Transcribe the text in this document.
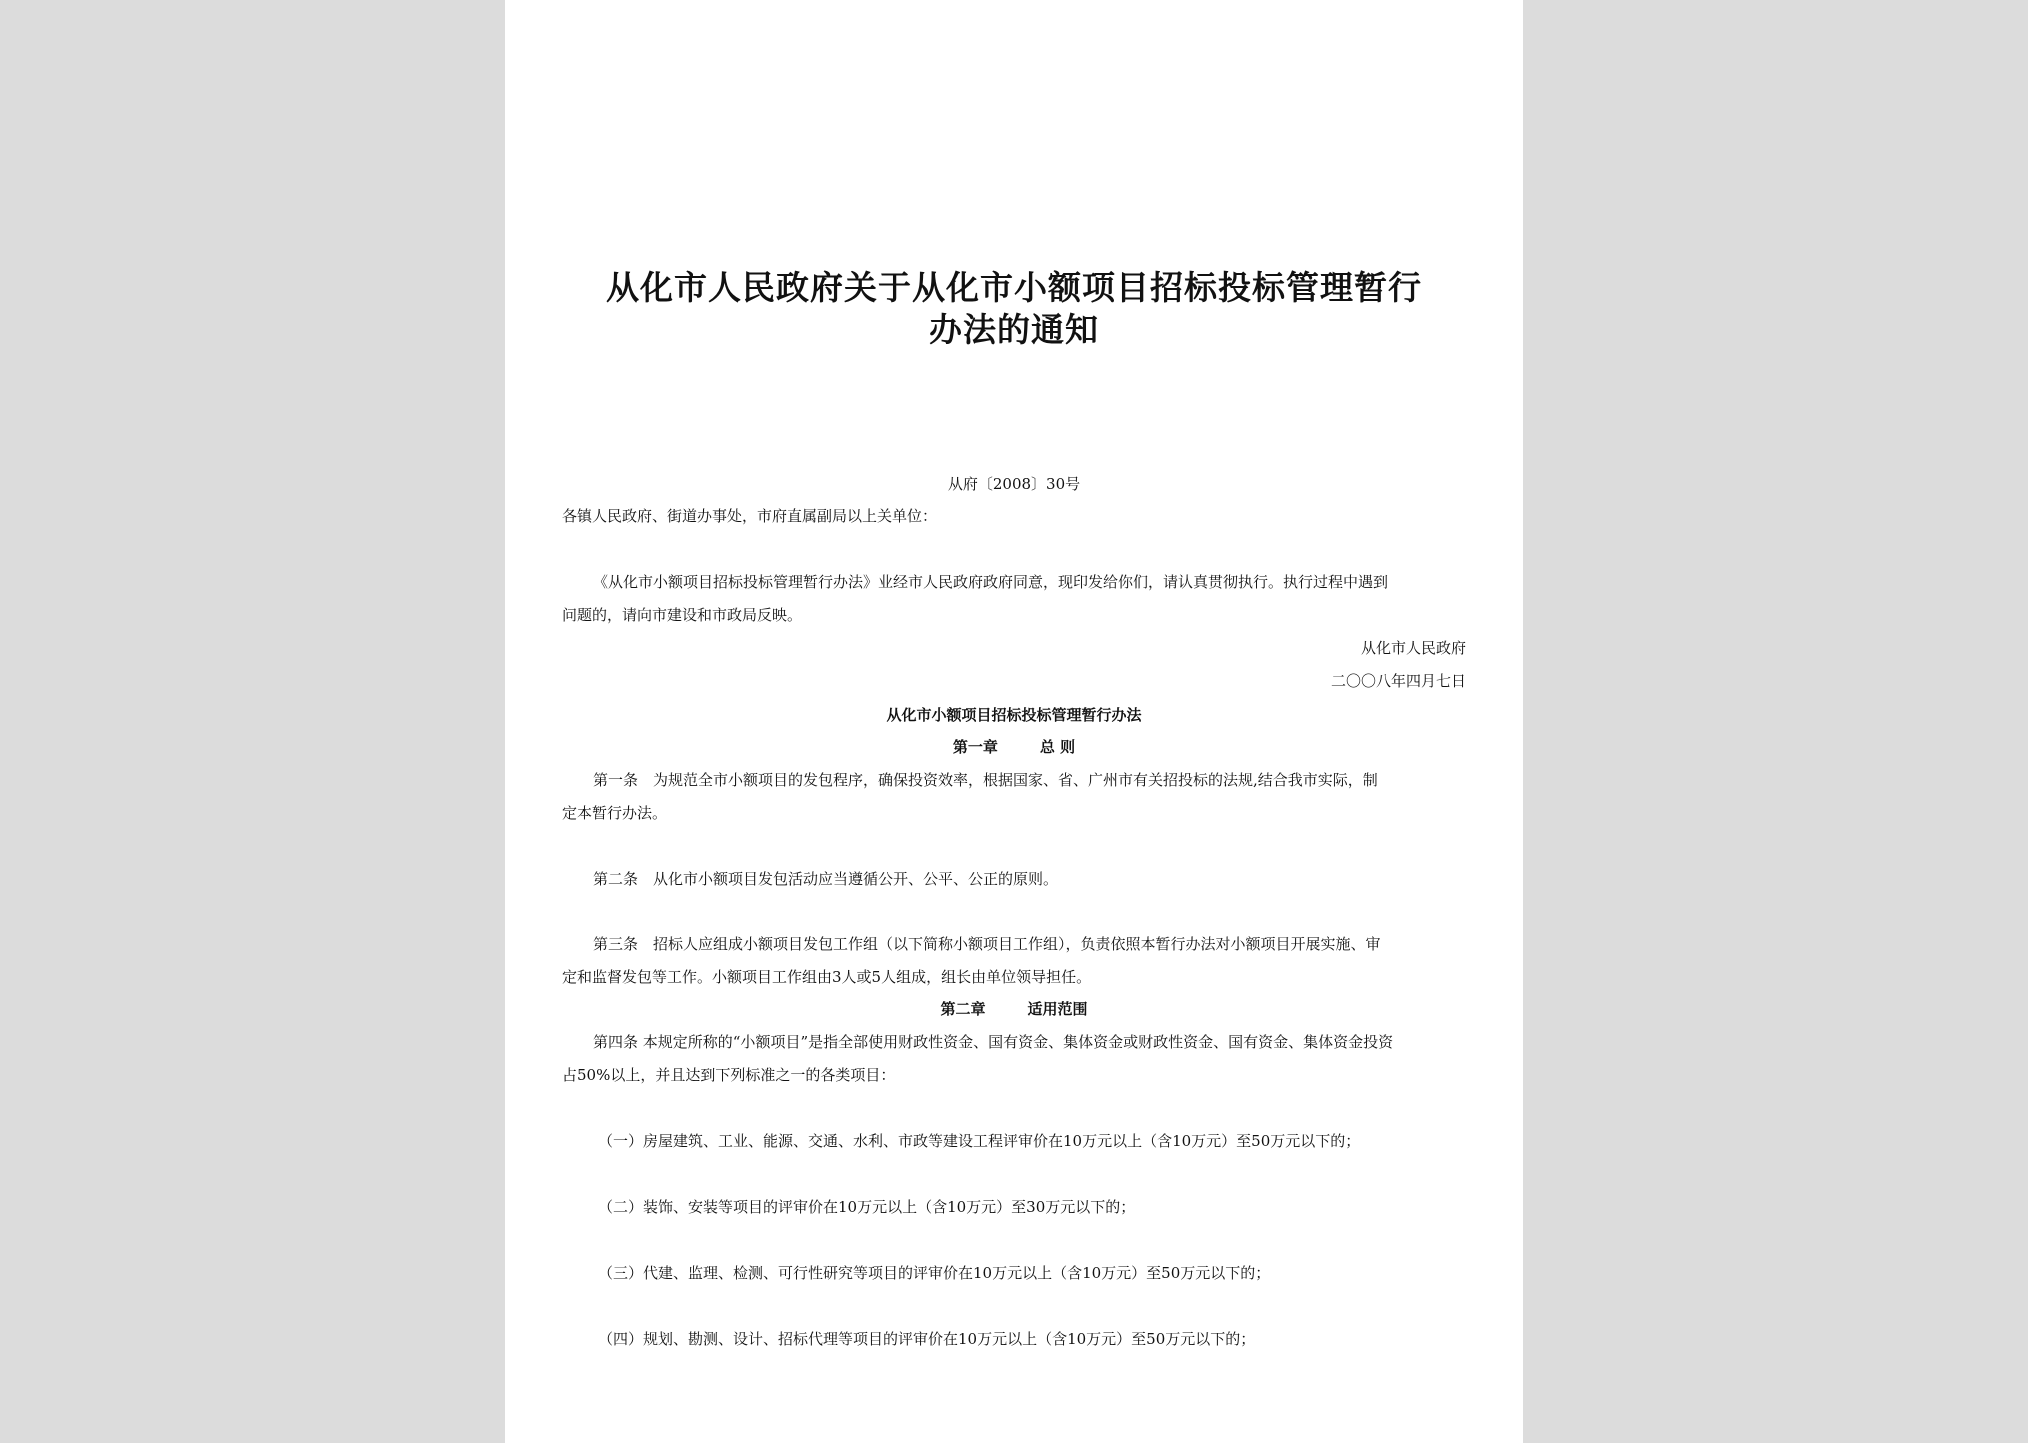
从化市人民政府关于从化市小额项目招标投标管理暂行
办法的通知
从府〔2008〕30号
各镇人民政府、街道办事处，市府直属副局以上关单位：
《从化市小额项目招标投标管理暂行办法》业经市人民政府政府同意，现印发给你们，请认真贯彻执行。执行过程中遇到
问题的，请向市建设和市政局反映。
从化市人民政府
二〇〇八年四月七日
从化市小额项目招标投标管理暂行办法
第一章	总 则
第一条　为规范全市小额项目的发包程序，确保投资效率，根据国家、省、广州市有关招投标的法规,结合我市实际，制
定本暂行办法。
第二条　从化市小额项目发包活动应当遵循公开、公平、公正的原则。
第三条　招标人应组成小额项目发包工作组（以下简称小额项目工作组），负责依照本暂行办法对小额项目开展实施、审
定和监督发包等工作。小额项目工作组由3人或5人组成，组长由单位领导担任。
第二章	适用范围
第四条 本规定所称的“小额项目”是指全部使用财政性资金、国有资金、集体资金或财政性资金、国有资金、集体资金投资
占50%以上，并且达到下列标准之一的各类项目：
（一）房屋建筑、工业、能源、交通、水利、市政等建设工程评审价在10万元以上（含10万元）至50万元以下的；
（二）装饰、安装等项目的评审价在10万元以上（含10万元）至30万元以下的；
（三）代建、监理、检测、可行性研究等项目的评审价在10万元以上（含10万元）至50万元以下的；
（四）规划、勘测、设计、招标代理等项目的评审价在10万元以上（含10万元）至50万元以下的；
